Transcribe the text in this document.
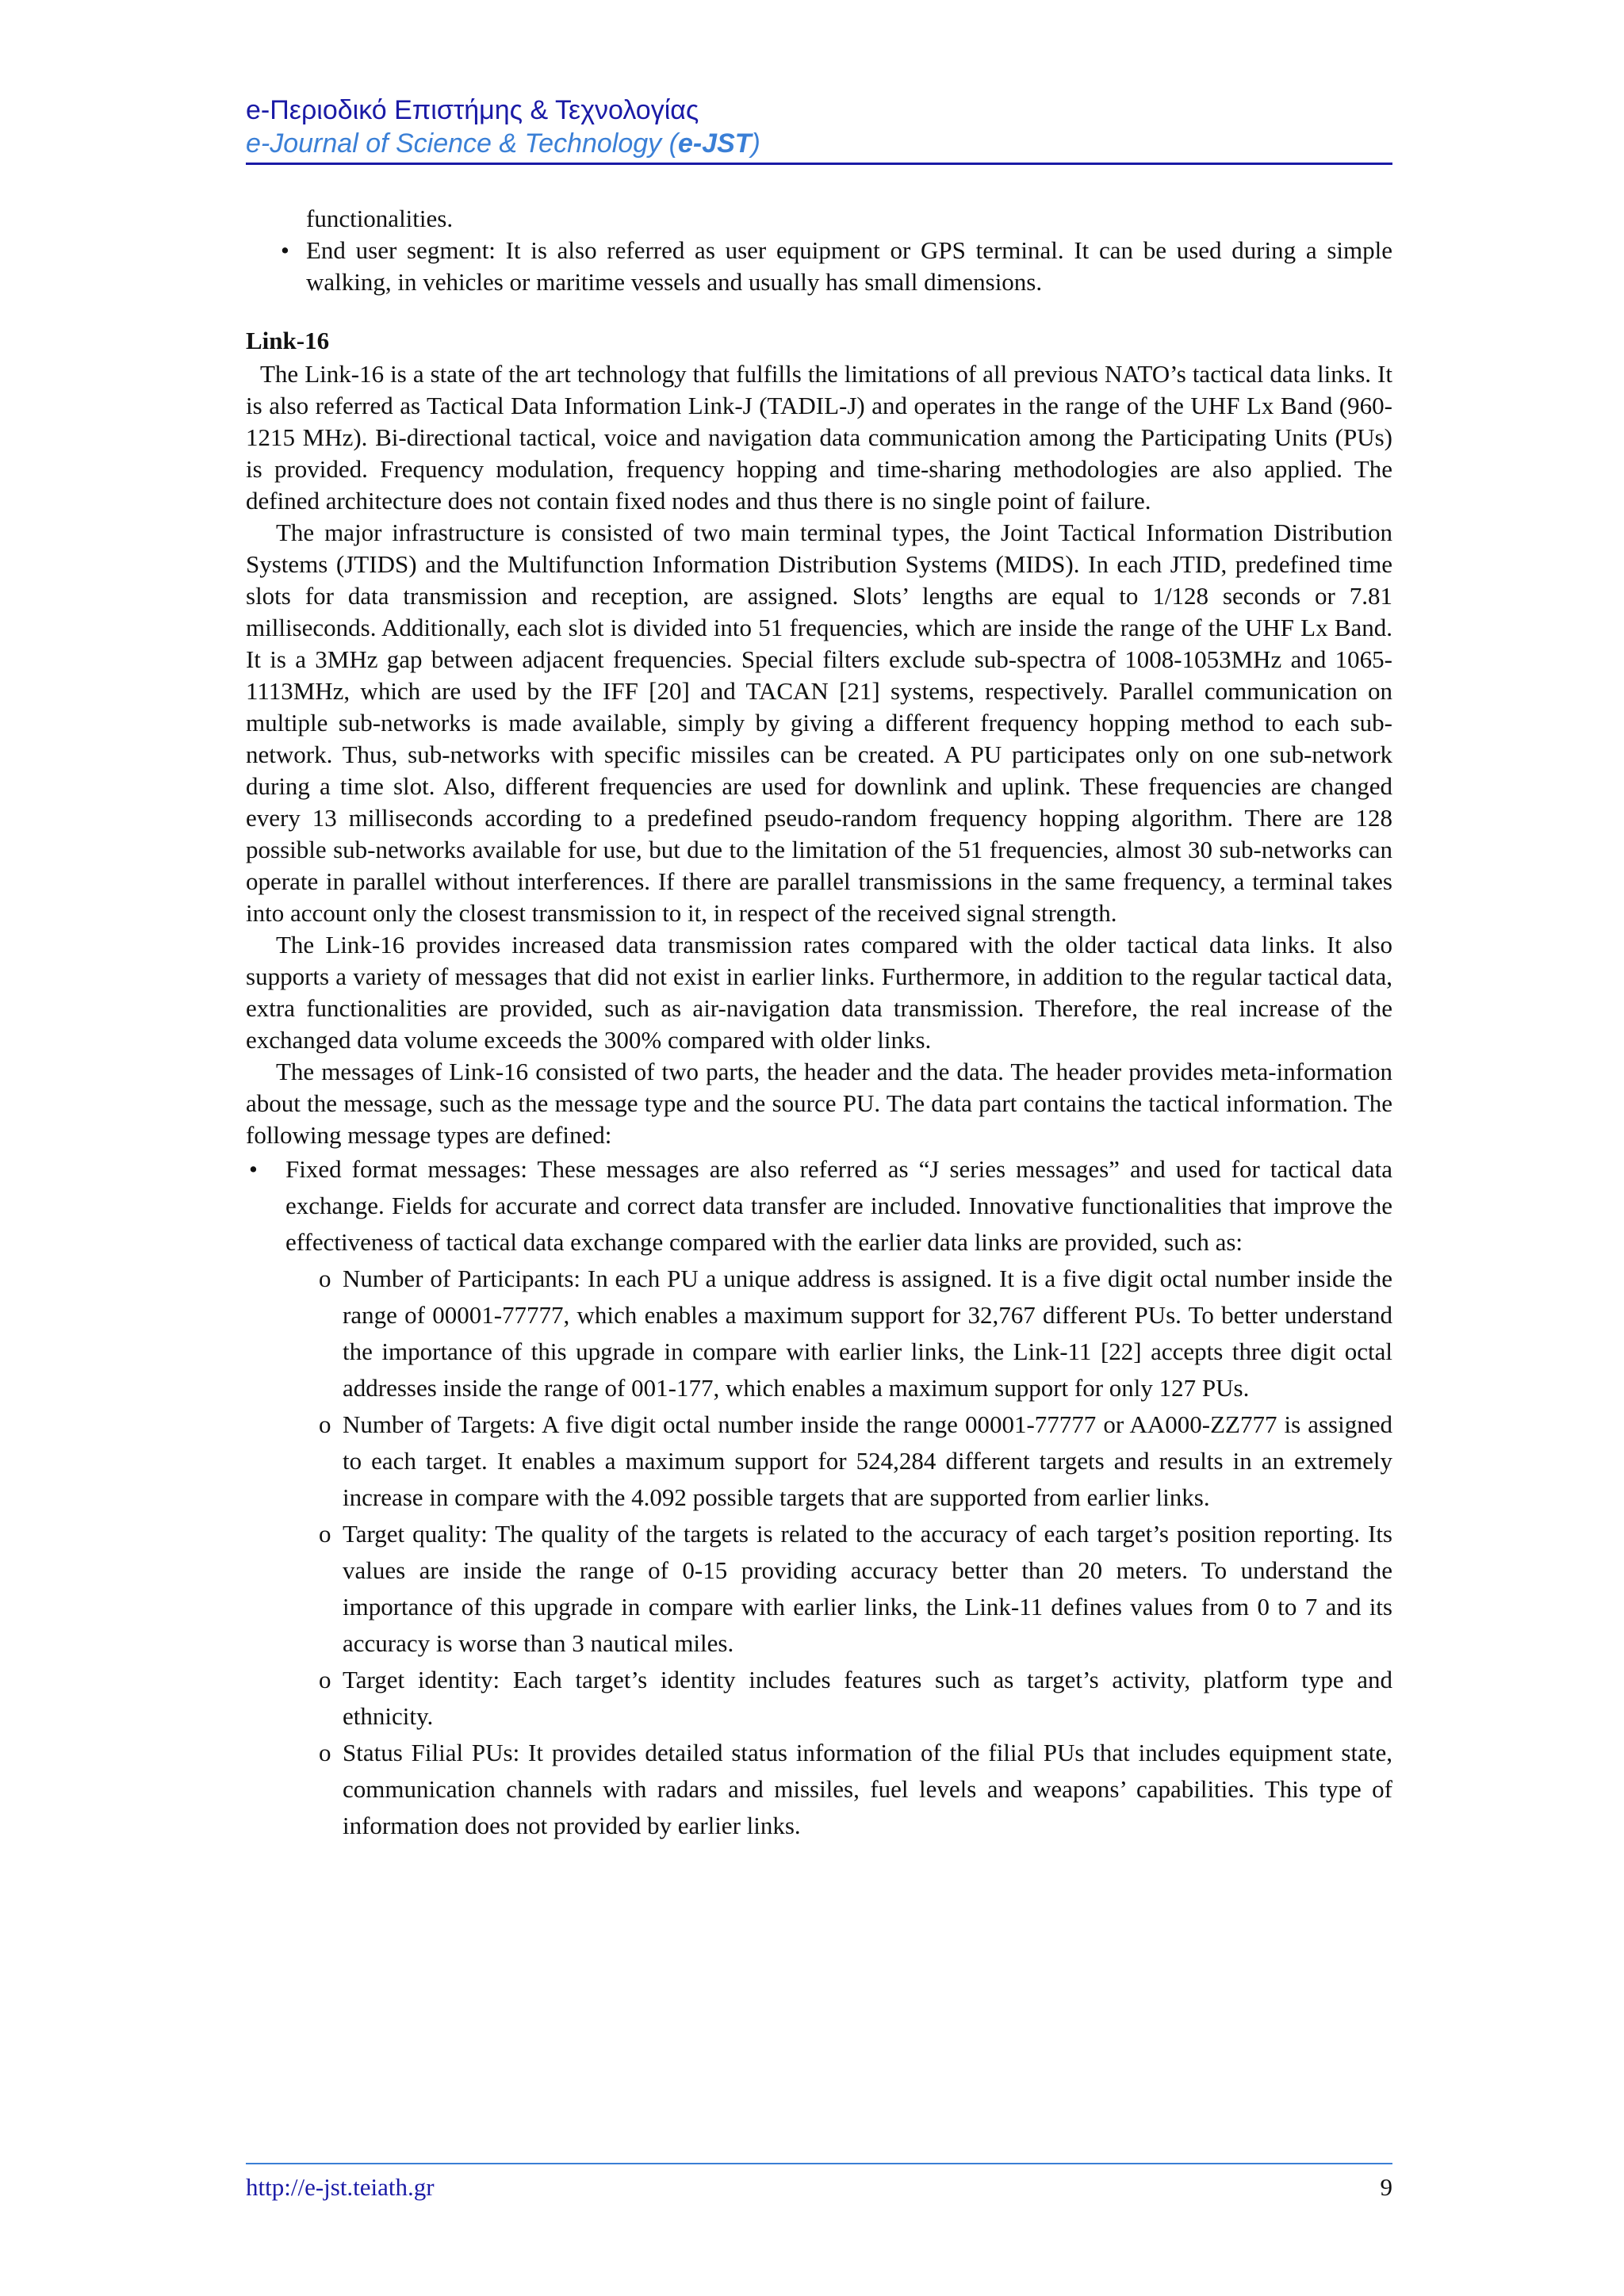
e-Περιοδικό Επιστήμης & Τεχνολογίας
e-Journal of Science & Technology (e-JST)

functionalities.

• End user segment: It is also referred as user equipment or GPS terminal. It can be used during a simple walking, in vehicles or maritime vessels and usually has small dimensions.
Link-16

The Link-16 is a state of the art technology that fulfills the limitations of all previous NATO’s tactical data links. It is also referred as Tactical Data Information Link-J (TADIL-J) and operates in the range of the UHF Lx Band (960-1215 MHz). Bi-directional tactical, voice and navigation data communication among the Participating Units (PUs) is provided. Frequency modulation, frequency hopping and time-sharing methodologies are also applied. The defined architecture does not contain fixed nodes and thus there is no single point of failure.

The major infrastructure is consisted of two main terminal types, the Joint Tactical Information Distribution Systems (JTIDS) and the Multifunction Information Distribution Systems (MIDS). In each JTID, predefined time slots for data transmission and reception, are assigned. Slots’ lengths are equal to 1/128 seconds or 7.81 milliseconds. Additionally, each slot is divided into 51 frequencies, which are inside the range of the UHF Lx Band. It is a 3MHz gap between adjacent frequencies. Special filters exclude sub-spectra of 1008-1053MHz and 1065-1113MHz, which are used by the IFF [20] and TACAN [21] systems, respectively. Parallel communication on multiple sub-networks is made available, simply by giving a different frequency hopping method to each sub-network. Thus, sub-networks with specific missiles can be created. A PU participates only on one sub-network during a time slot. Also, different frequencies are used for downlink and uplink. These frequencies are changed every 13 milliseconds according to a predefined pseudo-random frequency hopping algorithm. There are 128 possible sub-networks available for use, but due to the limitation of the 51 frequencies, almost 30 sub-networks can operate in parallel without interferences. If there are parallel transmissions in the same frequency, a terminal takes into account only the closest transmission to it, in respect of the received signal strength.

The Link-16 provides increased data transmission rates compared with the older tactical data links. It also supports a variety of messages that did not exist in earlier links. Furthermore, in addition to the regular tactical data, extra functionalities are provided, such as air-navigation data transmission. Therefore, the real increase of the exchanged data volume exceeds the 300% compared with older links.

The messages of Link-16 consisted of two parts, the header and the data. The header provides meta-information about the message, such as the message type and the source PU. The data part contains the tactical information. The following message types are defined:

• Fixed format messages: These messages are also referred as “J series messages” and used for tactical data exchange. Fields for accurate and correct data transfer are included. Innovative functionalities that improve the effectiveness of tactical data exchange compared with the earlier data links are provided, such as:
o Number of Participants: In each PU a unique address is assigned. It is a five digit octal number inside the range of 00001-77777, which enables a maximum support for 32,767 different PUs. To better understand the importance of this upgrade in compare with earlier links, the Link-11 [22] accepts three digit octal addresses inside the range of 001-177, which enables a maximum support for only 127 PUs.
o Number of Targets: A five digit octal number inside the range 00001-77777 or AA000-ZZ777 is assigned to each target. It enables a maximum support for 524,284 different targets and results in an extremely increase in compare with the 4.092 possible targets that are supported from earlier links.
o Target quality: The quality of the targets is related to the accuracy of each target’s position reporting. Its values are inside the range of 0-15 providing accuracy better than 20 meters. To understand the importance of this upgrade in compare with earlier links, the Link-11 defines values from 0 to 7 and its accuracy is worse than 3 nautical miles.
o Target identity: Each target’s identity includes features such as target’s activity, platform type and ethnicity.
o Status Filial PUs: It provides detailed status information of the filial PUs that includes equipment state, communication channels with radars and missiles, fuel levels and weapons’ capabilities. This type of information does not provided by earlier links.
http://e-jst.teiath.gr	9
